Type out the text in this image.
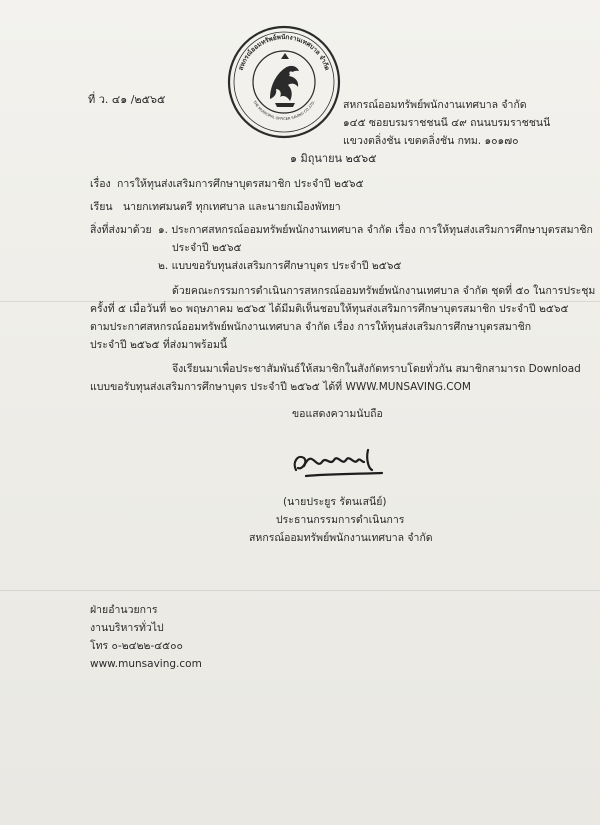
สหกรณ์ออมทรัพย์พนักงานเทศบาล จำกัด
THE MUNICIPAL OFFICER SAVING CO.,LTD.
ที่ ว. ๔๑ /๒๕๖๕	สหกรณ์ออมทรัพย์พนักงานเทศบาล จำกัด
๑๔๕ ซอยบรมราชชนนี ๔๙ ถนนบรมราชชนนี
แขวงตลิ่งชัน เขตตลิ่งชัน กทม. ๑๐๑๗๐
๑ มิถุนายน ๒๕๖๕
เรื่อง การให้ทุนส่งเสริมการศึกษาบุตรสมาชิก ประจำปี ๒๕๖๕
เรียน นายกเทศมนตรี ทุกเทศบาล และนายกเมืองพัทยา
สิ่งที่ส่งมาด้วย ๑. ประกาศสหกรณ์ออมทรัพย์พนักงานเทศบาล จำกัด เรื่อง การให้ทุนส่งเสริมการศึกษาบุตรสมาชิก
ประจำปี ๒๕๖๕
๒. แบบขอรับทุนส่งเสริมการศึกษาบุตร ประจำปี ๒๕๖๕
ด้วยคณะกรรมการดำเนินการสหกรณ์ออมทรัพย์พนักงานเทศบาล จำกัด ชุดที่ ๕๐ ในการประชุม
ครั้งที่ ๕ เมื่อวันที่ ๒๐ พฤษภาคม ๒๕๖๕ ได้มีมติเห็นชอบให้ทุนส่งเสริมการศึกษาบุตรสมาชิก ประจำปี ๒๕๖๕
ตามประกาศสหกรณ์ออมทรัพย์พนักงานเทศบาล จำกัด เรื่อง การให้ทุนส่งเสริมการศึกษาบุตรสมาชิก
ประจำปี ๒๕๖๕ ที่ส่งมาพร้อมนี้
จึงเรียนมาเพื่อประชาสัมพันธ์ให้สมาชิกในสังกัดทราบโดยทั่วกัน สมาชิกสามารถ Download
แบบขอรับทุนส่งเสริมการศึกษาบุตร ประจำปี ๒๕๖๕ ได้ที่ WWW.MUNSAVING.COM
ขอแสดงความนับถือ
(นายประยูร รัตนเสนีย์)
ประธานกรรมการดำเนินการ
สหกรณ์ออมทรัพย์พนักงานเทศบาล จำกัด
ฝ่ายอำนวยการ
งานบริหารทั่วไป
โทร ๐-๒๔๒๒-๔๕๐๐
www.munsaving.com
